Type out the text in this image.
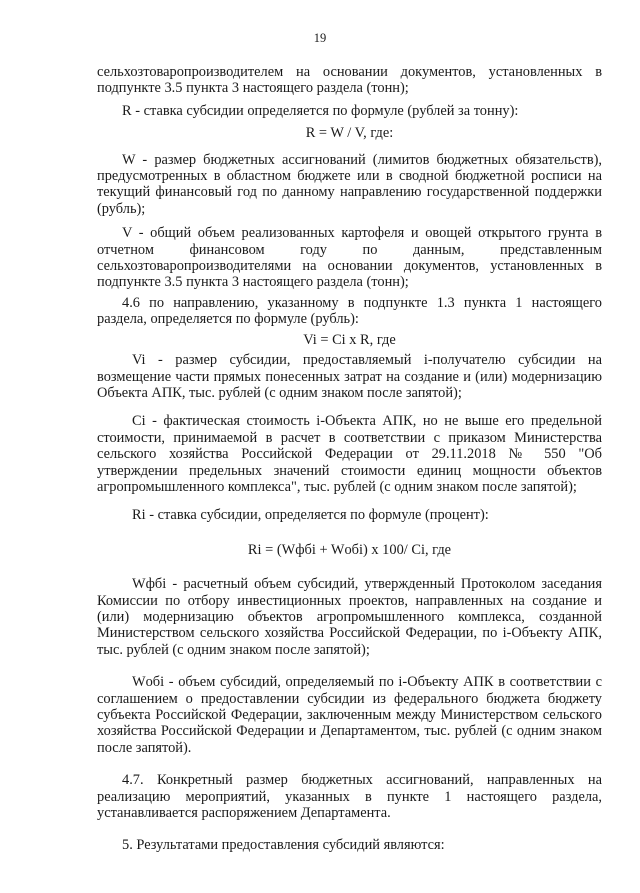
19

сельхозтоваропроизводителем на основании документов, установленных в подпункте 3.5 пункта 3 настоящего раздела (тонн);

R - ставка субсидии определяется по формуле (рублей за тонну):

R = W / V, где:

W - размер бюджетных ассигнований (лимитов бюджетных обязательств), предусмотренных в областном бюджете или в сводной бюджетной росписи на текущий финансовый год по данному направлению государственной поддержки (рубль);

V - общий объем реализованных картофеля и овощей открытого грунта в отчетном финансовом году по данным, представленным сельхозтоваропроизводителями на основании документов, установленных в подпункте 3.5 пункта 3 настоящего раздела (тонн);

4.6 по направлению, указанному в подпункте 1.3 пункта 1 настоящего раздела, определяется по формуле (рубль):

Vi = Ci x R, где

Vi - размер субсидии, предоставляемый i-получателю субсидии на возмещение части прямых понесенных затрат на создание и (или) модернизацию Объекта АПК, тыс. рублей (с одним знаком после запятой);

Ci - фактическая стоимость i-Объекта АПК, но не выше его предельной стоимости, принимаемой в расчет в соответствии с приказом Министерства сельского хозяйства Российской Федерации от 29.11.2018 № 550 "Об утверждении предельных значений стоимости единиц мощности объектов агропромышленного комплекса", тыс. рублей (с одним знаком после запятой);

Ri - ставка субсидии, определяется по формуле (процент):

Ri = (Wфбi + Wобi) x 100/ Ci, где

Wфбi - расчетный объем субсидий, утвержденный Протоколом заседания Комиссии по отбору инвестиционных проектов, направленных на создание и (или) модернизацию объектов агропромышленного комплекса, созданной Министерством сельского хозяйства Российской Федерации, по i-Объекту АПК, тыс. рублей (с одним знаком после запятой);

Wобi - объем субсидий, определяемый по i-Объекту АПК в соответствии с соглашением о предоставлении субсидии из федерального бюджета бюджету субъекта Российской Федерации, заключенным между Министерством сельского хозяйства Российской Федерации и Департаментом, тыс. рублей (с одним знаком после запятой).

4.7. Конкретный размер бюджетных ассигнований, направленных на реализацию мероприятий, указанных в пункте 1 настоящего раздела, устанавливается распоряжением Департамента.

5. Результатами предоставления субсидий являются:
